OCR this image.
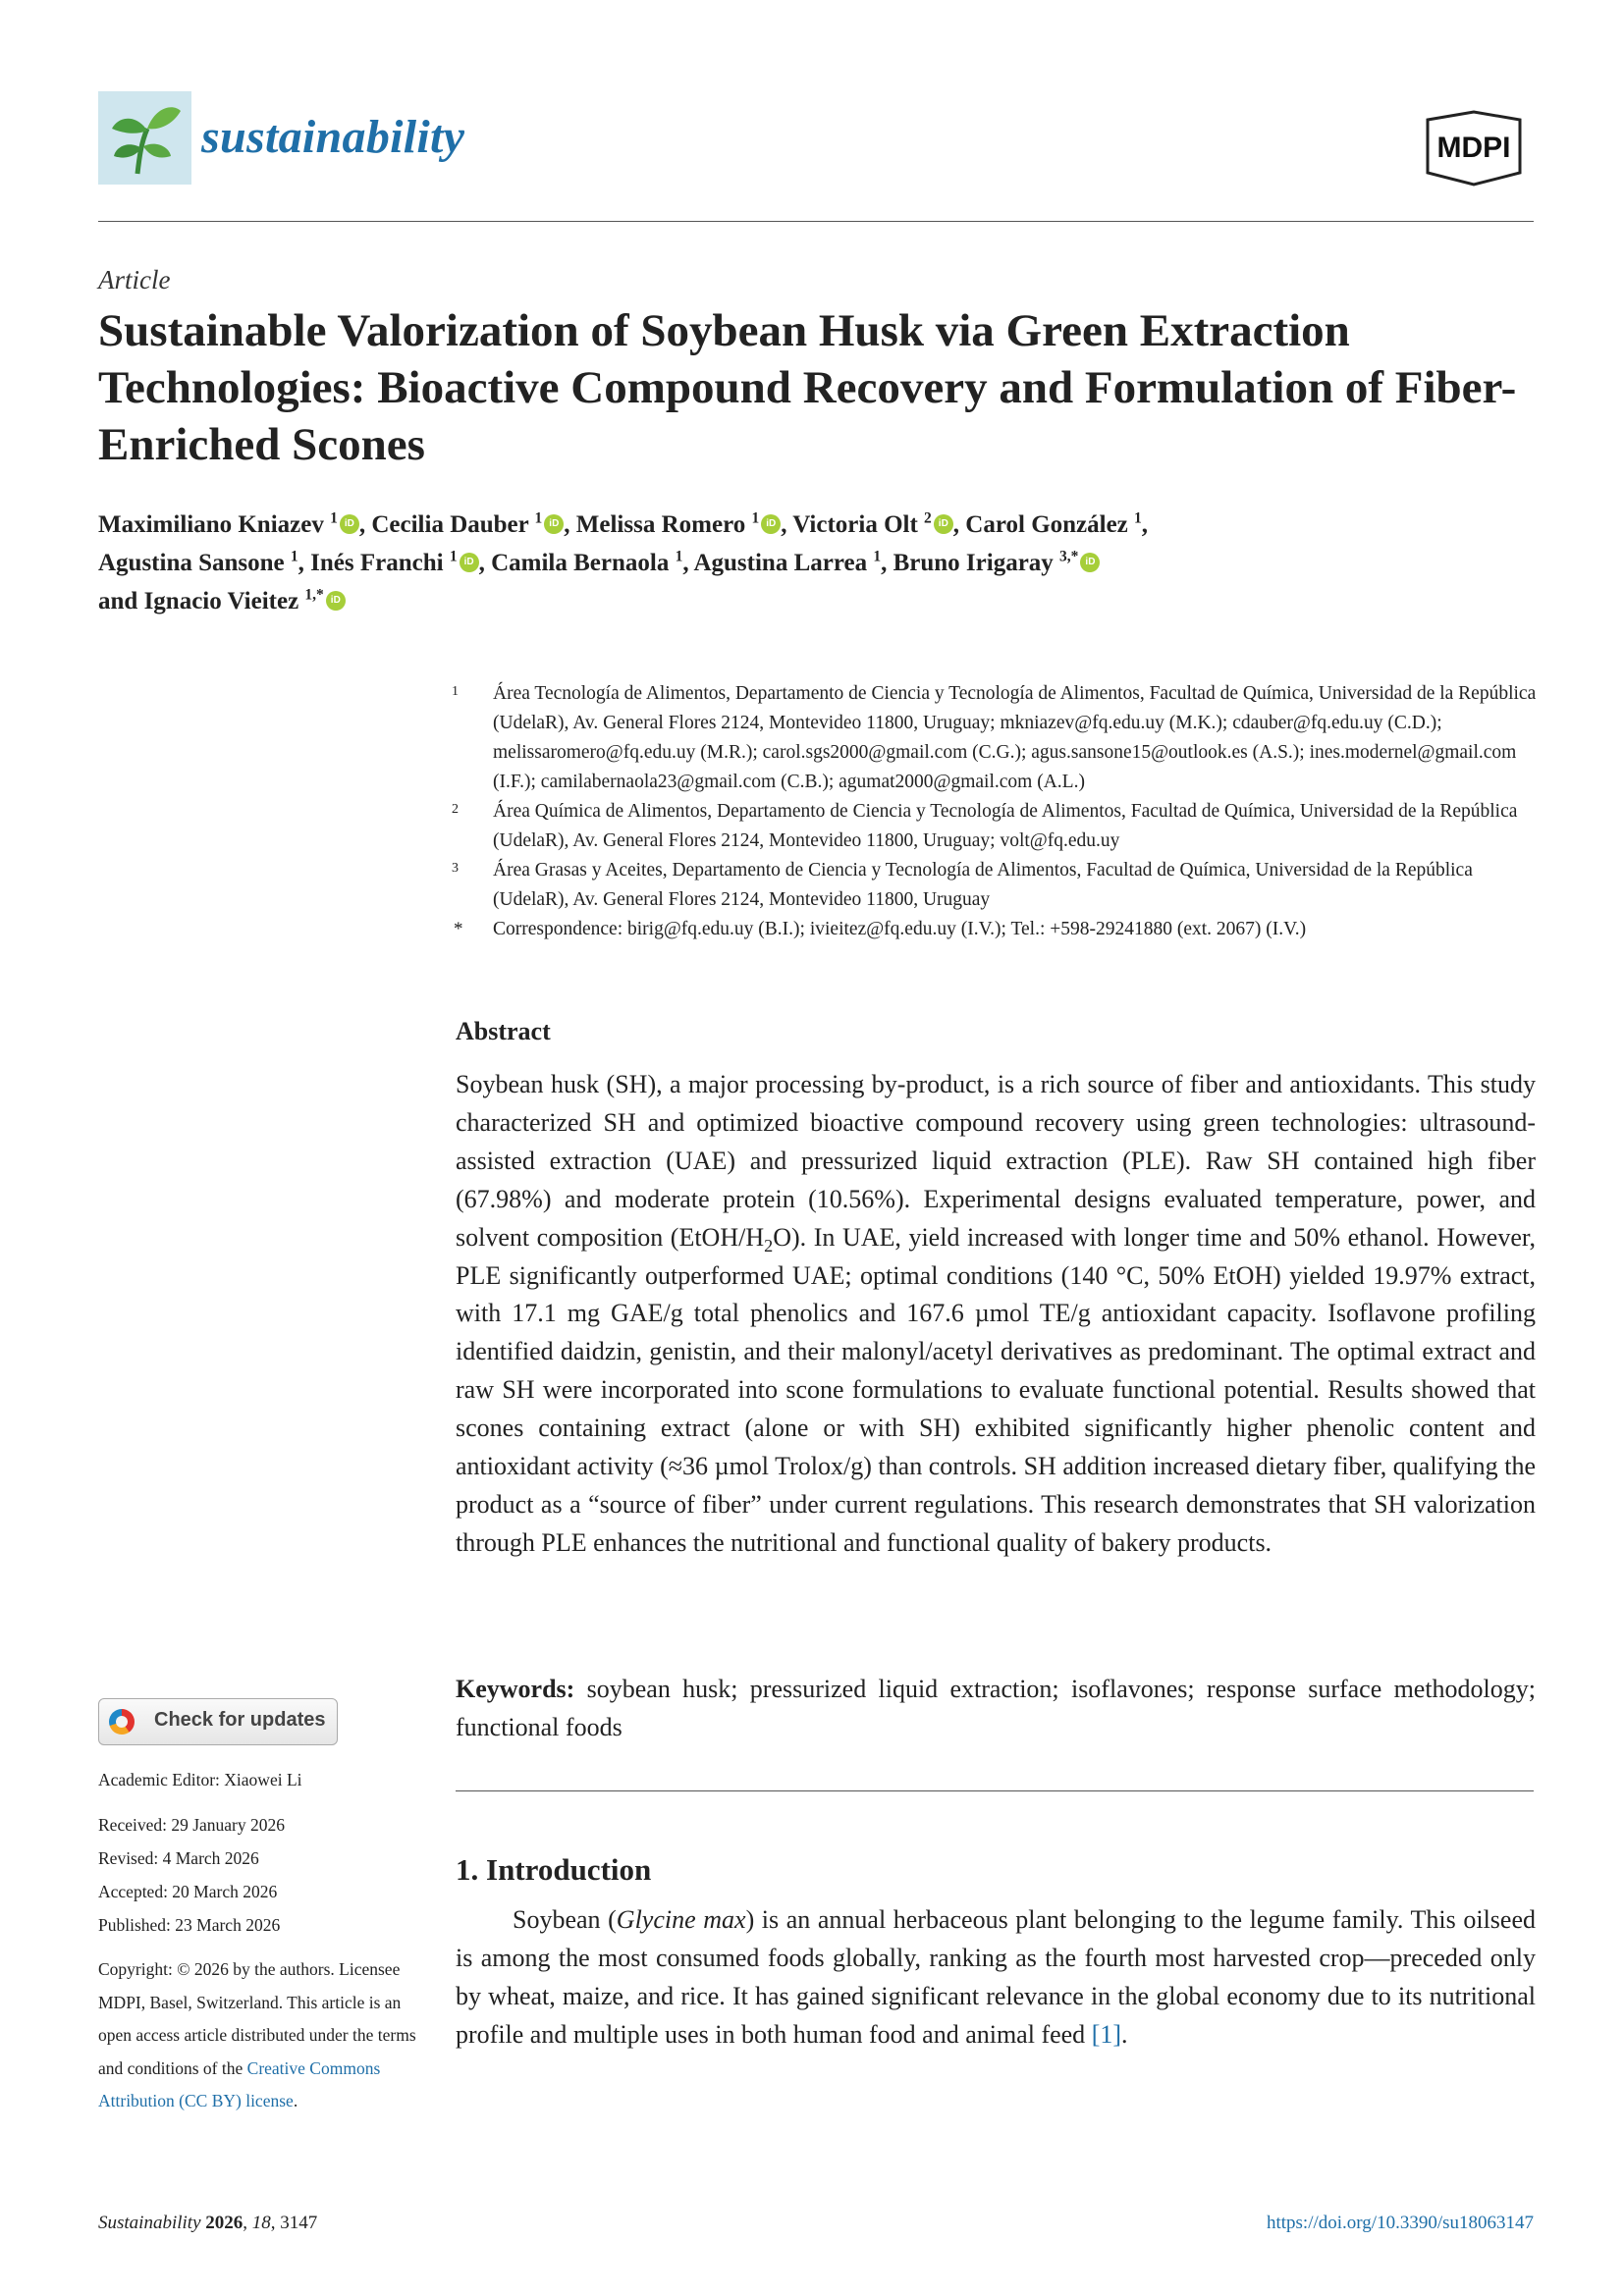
sustainability	MDPI
Article
Sustainable Valorization of Soybean Husk via Green Extraction Technologies: Bioactive Compound Recovery and Formulation of Fiber-Enriched Scones
Maximiliano Kniazev $^1$ iD , Cecilia Dauber $^1$ iD , Melissa Romero $^1$ iD , Victoria Olt $^2$ iD , Carol González $^1$,
Agustina Sansone $^1$, Inés Franchi $^1$ iD , Camila Bernaola $^1$, Agustina Larrea $^1$, Bruno Irigaray $^{3,*}$ iD
and Ignacio Vieitez $^{1,*}$ iD
1 Área Tecnología de Alimentos, Departamento de Ciencia y Tecnología de Alimentos, Facultad de Química, Universidad de la República (UdelaR), Av. General Flores 2124, Montevideo 11800, Uruguay; mkniazev@fq.edu.uy (M.K.); cdauber@fq.edu.uy (C.D.); melissaromero@fq.edu.uy (M.R.); carol.sgs2000@gmail.com (C.G.); agus.sansone15@outlook.es (A.S.); ines.modernel@gmail.com (I.F.); camilabernaola23@gmail.com (C.B.); agumat2000@gmail.com (A.L.)
2 Área Química de Alimentos, Departamento de Ciencia y Tecnología de Alimentos, Facultad de Química, Universidad de la República (UdelaR), Av. General Flores 2124, Montevideo 11800, Uruguay; volt@fq.edu.uy
3 Área Grasas y Aceites, Departamento de Ciencia y Tecnología de Alimentos, Facultad de Química, Universidad de la República (UdelaR), Av. General Flores 2124, Montevideo 11800, Uruguay
* Correspondence: birig@fq.edu.uy (B.I.); ivieitez@fq.edu.uy (I.V.); Tel.: +598-29241880 (ext. 2067) (I.V.)
Abstract
Soybean husk (SH), a major processing by-product, is a rich source of fiber and antioxidants. This study characterized SH and optimized bioactive compound recovery using green technologies: ultrasound-assisted extraction (UAE) and pressurized liquid extraction (PLE). Raw SH contained high fiber (67.98%) and moderate protein (10.56%). Experimental designs evaluated temperature, power, and solvent composition $(EtOH/H_2O)$. In UAE, yield increased with longer time and 50% ethanol. However, PLE significantly outperformed UAE; optimal conditions (140 °C, 50% EtOH) yielded 19.97% extract, with 17.1 mg GAE/g total phenolics and 167.6 µmol TE/g antioxidant capacity. Isoflavone profiling identified daidzin, genistin, and their malonyl/acetyl derivatives as predominant. The optimal extract and raw SH were incorporated into scone formulations to evaluate functional potential. Results showed that scones containing extract (alone or with SH) exhibited significantly higher phenolic content and antioxidant activity (≈36 µmol Trolox/g) than controls. SH addition increased dietary fiber, qualifying the product as a “source of fiber” under current regulations. This research demonstrates that SH valorization through PLE enhances the nutritional and functional quality of bakery products.
Keywords: soybean husk; pressurized liquid extraction; isoflavones; response surface methodology; functional foods
1. Introduction
Soybean (Glycine max) is an annual herbaceous plant belonging to the legume family. This oilseed is among the most consumed foods globally, ranking as the fourth most harvested crop—preceded only by wheat, maize, and rice. It has gained significant relevance in the global economy due to its nutritional profile and multiple uses in both human food and animal feed [1].
Check for updates
Academic Editor: Xiaowei Li
Received: 29 January 2026
Revised: 4 March 2026
Accepted: 20 March 2026
Published: 23 March 2026
Copyright: © 2026 by the authors. Licensee MDPI, Basel, Switzerland. This article is an open access article distributed under the terms and conditions of the Creative Commons Attribution (CC BY) license.
Sustainability 2026, 18, 3147	https://doi.org/10.3390/su18063147
